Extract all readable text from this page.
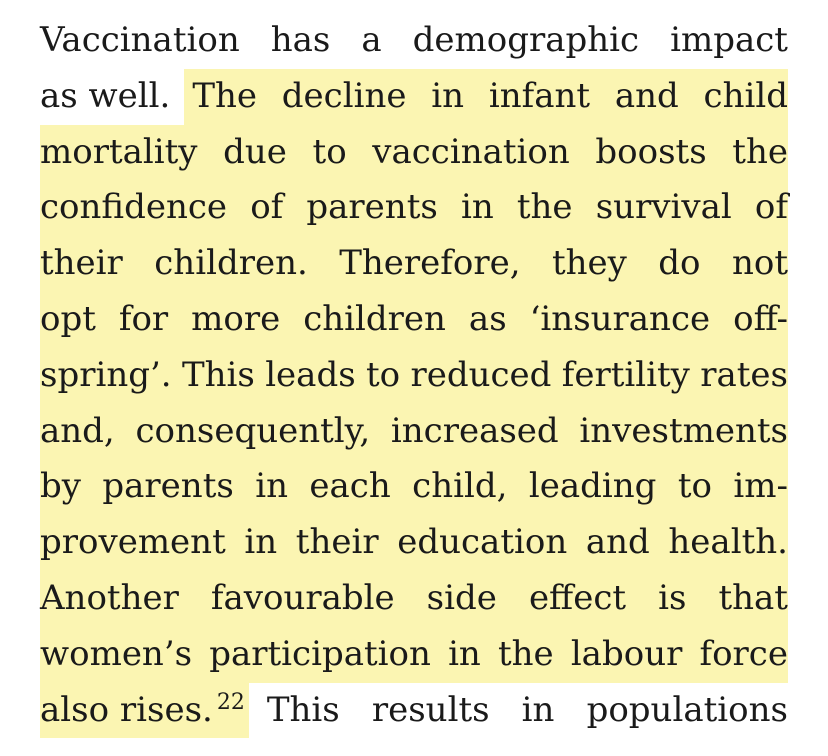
Vaccination has a demographic impact
as well. The decline in infant and child
mortality due to vaccination boosts the
confidence of parents in the survival of
their children. Therefore, they do not
opt for more children as ‘insurance off-
spring’. This leads to reduced fertility rates
and, consequently, increased investments
by parents in each child, leading to im-
provement in their education and health.
Another favourable side effect is that
women’s participation in the labour force
also rises.$^{22}$ This results in populations
